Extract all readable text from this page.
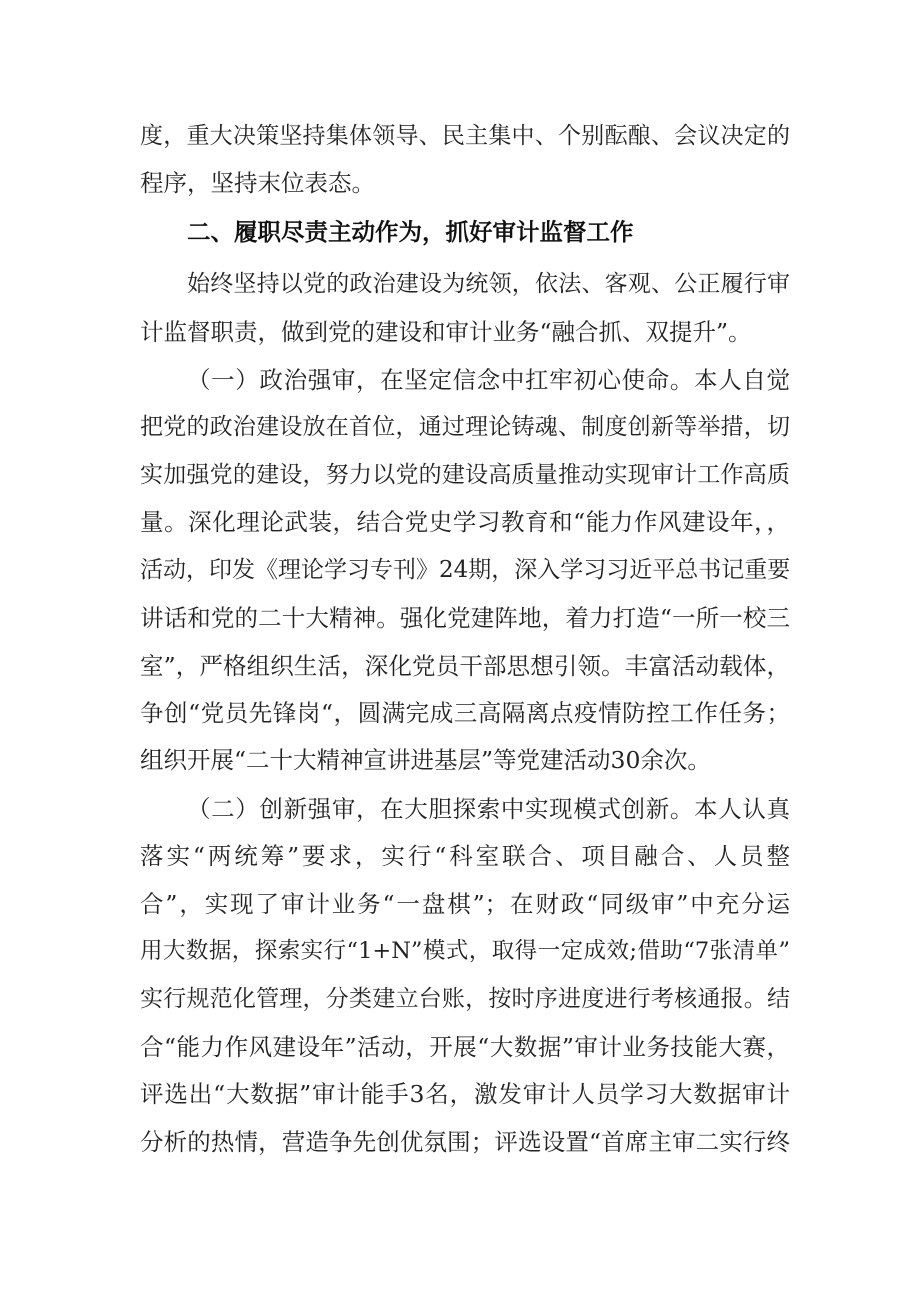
度，重大决策坚持集体领导、民主集中、个别酝酿、会议决定的
程序，坚持末位表态。
二、履职尽责主动作为，抓好审计监督工作
始终坚持以党的政治建设为统领，依法、客观、公正履行审
计监督职责，做到党的建设和审计业务“融合抓、双提升”。
（一）政治强审，在坚定信念中扛牢初心使命。本人自觉
把党的政治建设放在首位，通过理论铸魂、制度创新等举措，切
实加强党的建设，努力以党的建设高质量推动实现审计工作高质
量。深化理论武装，结合党史学习教育和“能力作风建设年，，
活动，印发《理论学习专刊》24期，深入学习习近平总书记重要
讲话和党的二十大精神。强化党建阵地，着力打造“一所一校三
室”，严格组织生活，深化党员干部思想引领。丰富活动载体，
争创“党员先锋岗“，圆满完成三高隔离点疫情防控工作任务；
组织开展“二十大精神宣讲进基层”等党建活动30余次。
（二）创新强审，在大胆探索中实现模式创新。本人认真
落实“两统筹”要求，实行“科室联合、项目融合、人员整
合”，实现了审计业务“一盘棋”；在财政“同级审”中充分运
用大数据，探索实行“1+N”模式，取得一定成效;借助“7张清单”
实行规范化管理，分类建立台账，按时序进度进行考核通报。结
合“能力作风建设年”活动，开展“大数据”审计业务技能大赛，
评选出“大数据”审计能手3名，激发审计人员学习大数据审计
分析的热情，营造争先创优氛围；评选设置“首席主审二实行终
